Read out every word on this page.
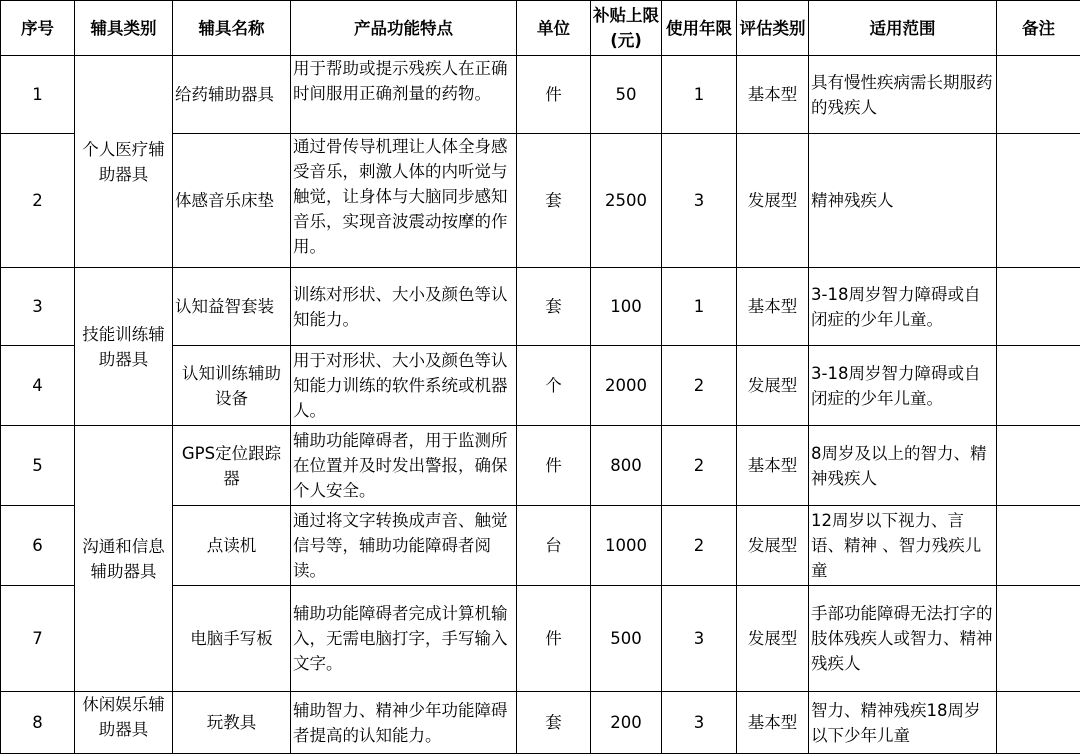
序号	辅具类别	辅具名称	产品功能特点	单位	补贴上限(元)	使用年限	评估类别	适用范围	备注
1	个人医疗辅助器具	给药辅助器具	用于帮助或提示残疾人在正确时间服用正确剂量的药物。	件	50	1	基本型	具有慢性疾病需长期服药的残疾人	
2		体感音乐床垫	通过骨传导机理让人体全身感受音乐，刺激人体的内听觉与触觉，让身体与大脑同步感知音乐，实现音波震动按摩的作用。	套	2500	3	发展型	精神残疾人	
3	技能训练辅助器具	认知益智套装	训练对形状、大小及颜色等认知能力。	套	100	1	基本型	3-18周岁智力障碍或自闭症的少年儿童。	
4		认知训练辅助设备	用于对形状、大小及颜色等认知能力训练的软件系统或机器人。	个	2000	2	发展型	3-18周岁智力障碍或自闭症的少年儿童。	
5	沟通和信息辅助器具	GPS定位跟踪器	辅助功能障碍者，用于监测所在位置并及时发出警报，确保个人安全。	件	800	2	基本型	8周岁及以上的智力、精神残疾人	
6		点读机	通过将文字转换成声音、触觉信号等，辅助功能障碍者阅读。	台	1000	2	发展型	12周岁以下视力、言语、精神 、智力残疾儿童	
7		电脑手写板	辅助功能障碍者完成计算机输入，无需电脑打字，手写输入文字。	件	500	3	发展型	手部功能障碍无法打字的肢体残疾人或智力、精神残疾人	
8	休闲娱乐辅助器具	玩教具	辅助智力、精神少年功能障碍者提高的认知能力。	套	200	3	基本型	智力、精神残疾18周岁以下少年儿童	
